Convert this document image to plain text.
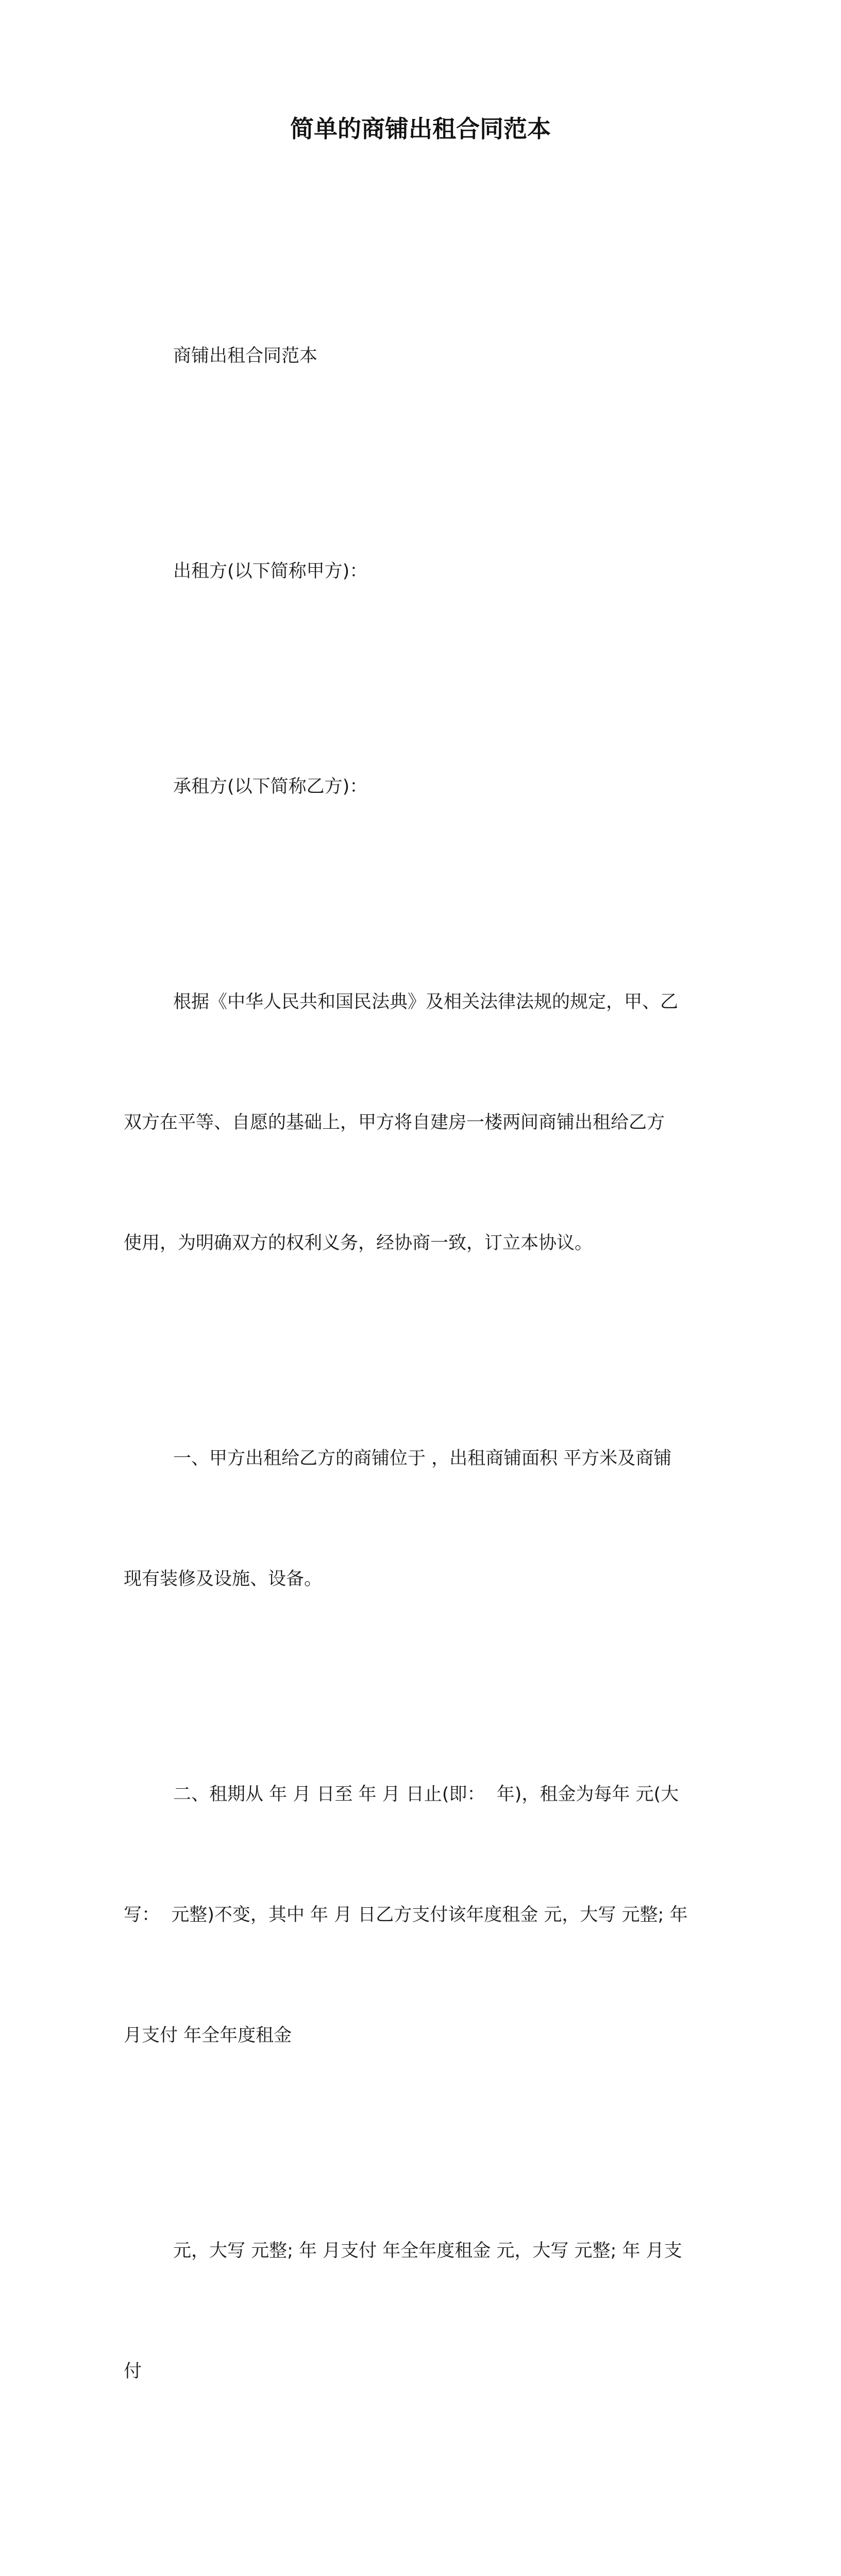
简单的商铺出租合同范本

商铺出租合同范本

出租方(以下简称甲方)：

承租方(以下简称乙方)：

根据《中华人民共和国民法典》及相关法律法规的规定，甲、乙

双方在平等、自愿的基础上，甲方将自建房一楼两间商铺出租给乙方

使用，为明确双方的权利义务，经协商一致，订立本协议。

一、甲方出租给乙方的商铺位于 ，出租商铺面积 平方米及商铺

现有装修及设施、设备。

二、租期从 年 月 日至 年 月 日止(即：  年)，租金为每年 元(大

写：  元整)不变，其中 年 月 日乙方支付该年度租金 元，大写 元整; 年

月支付 年全年度租金

元，大写 元整; 年 月支付 年全年度租金 元，大写 元整; 年 月支

付
